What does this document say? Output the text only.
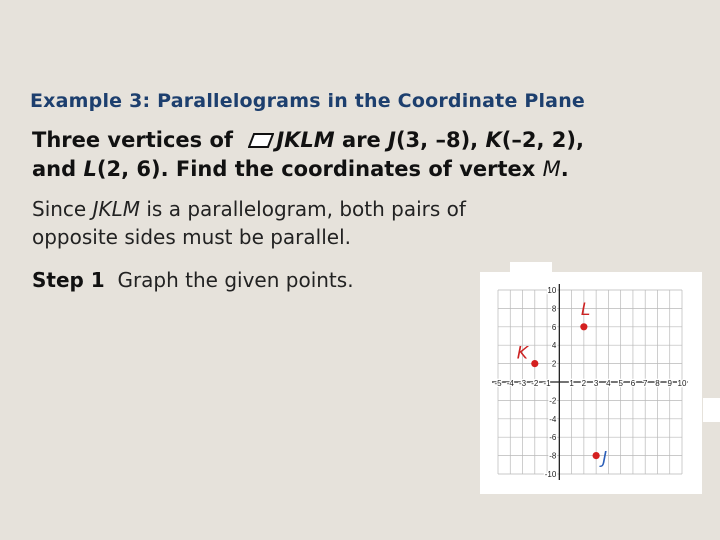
Example 3: Parallelograms in the Coordinate Plane
Three vertices of JKLM are J(3, –8), K(–2, 2),
and L(2, 6). Find the coordinates of vertex M.
Since JKLM is a parallelogram, both pairs of
opposite sides must be parallel.
Step 1 Graph the given points.
-5 -4 -3 -2 -1 1 2 3 4 5 6 7 8 9 10
10
8
6
4
2
-2
-4
-6
-8
-10
J
K
L
